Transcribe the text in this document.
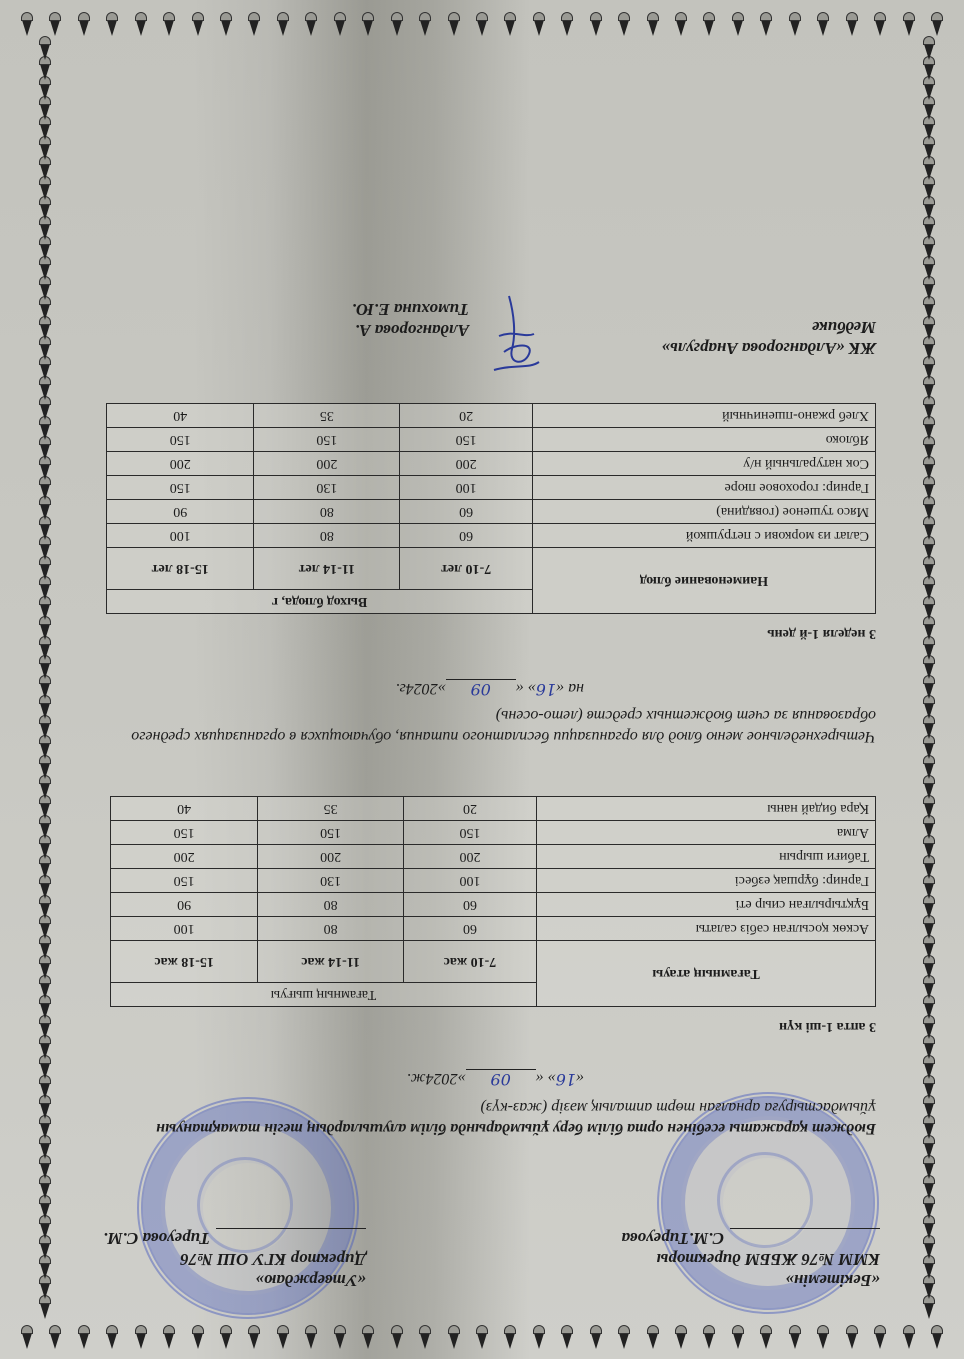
«Бекітемін»
КММ №76 ЖББМ директоры
С.М.Тиреуова
«Утверждаю»
Директор КГУ ОШ №76
Тиреуова С.М.
Бюджет қаражаты есебінен орта білім беру ұйымдарында білім алушылардың тегін тамақтануын ұйымдастыруға арналған төрт апталық мәзір (жаз-күз)
«16» «09»2024ж.
3 апта 1-ші күн
Тағамның атауы	Тағамның шығуы		
	7-10 жас	11-14 жас	15-18 жас
Аскөк қосылған сәбіз салаты	60	80	100
Бұқтырылған сиыр еті	60	80	90
Гарнир: бұршақ езбесі	100	130	150
Табиғи шырын	200	200	200
Алма	150	150	150
Қара бидай наны	20	35	40
Четырехнедельное меню блюд для организации бесплатного питания, обучающихся в организациях среднего образования за счет бюджетных средств (лето-осень)
на «16» «09»2024г.
3 неделя 1-й день
Наименование блюд	Выход блюда, г		
	7-10 лет	11-14 лет	15-18 лет
Салат из моркови с петрушкой	60	80	100
Мясо тушеное (говядина)	60	80	90
Гарнир: гороховое пюре	100	130	150
Сок натуральный н/у	200	200	200
Яблоко	150	150	150
Хлеб ржано-пшеничный	20	35	40
ЖК «Алдангорова Анаргуль»
Медбике
Алдангорова А.
Тимохина Е.Ю.
